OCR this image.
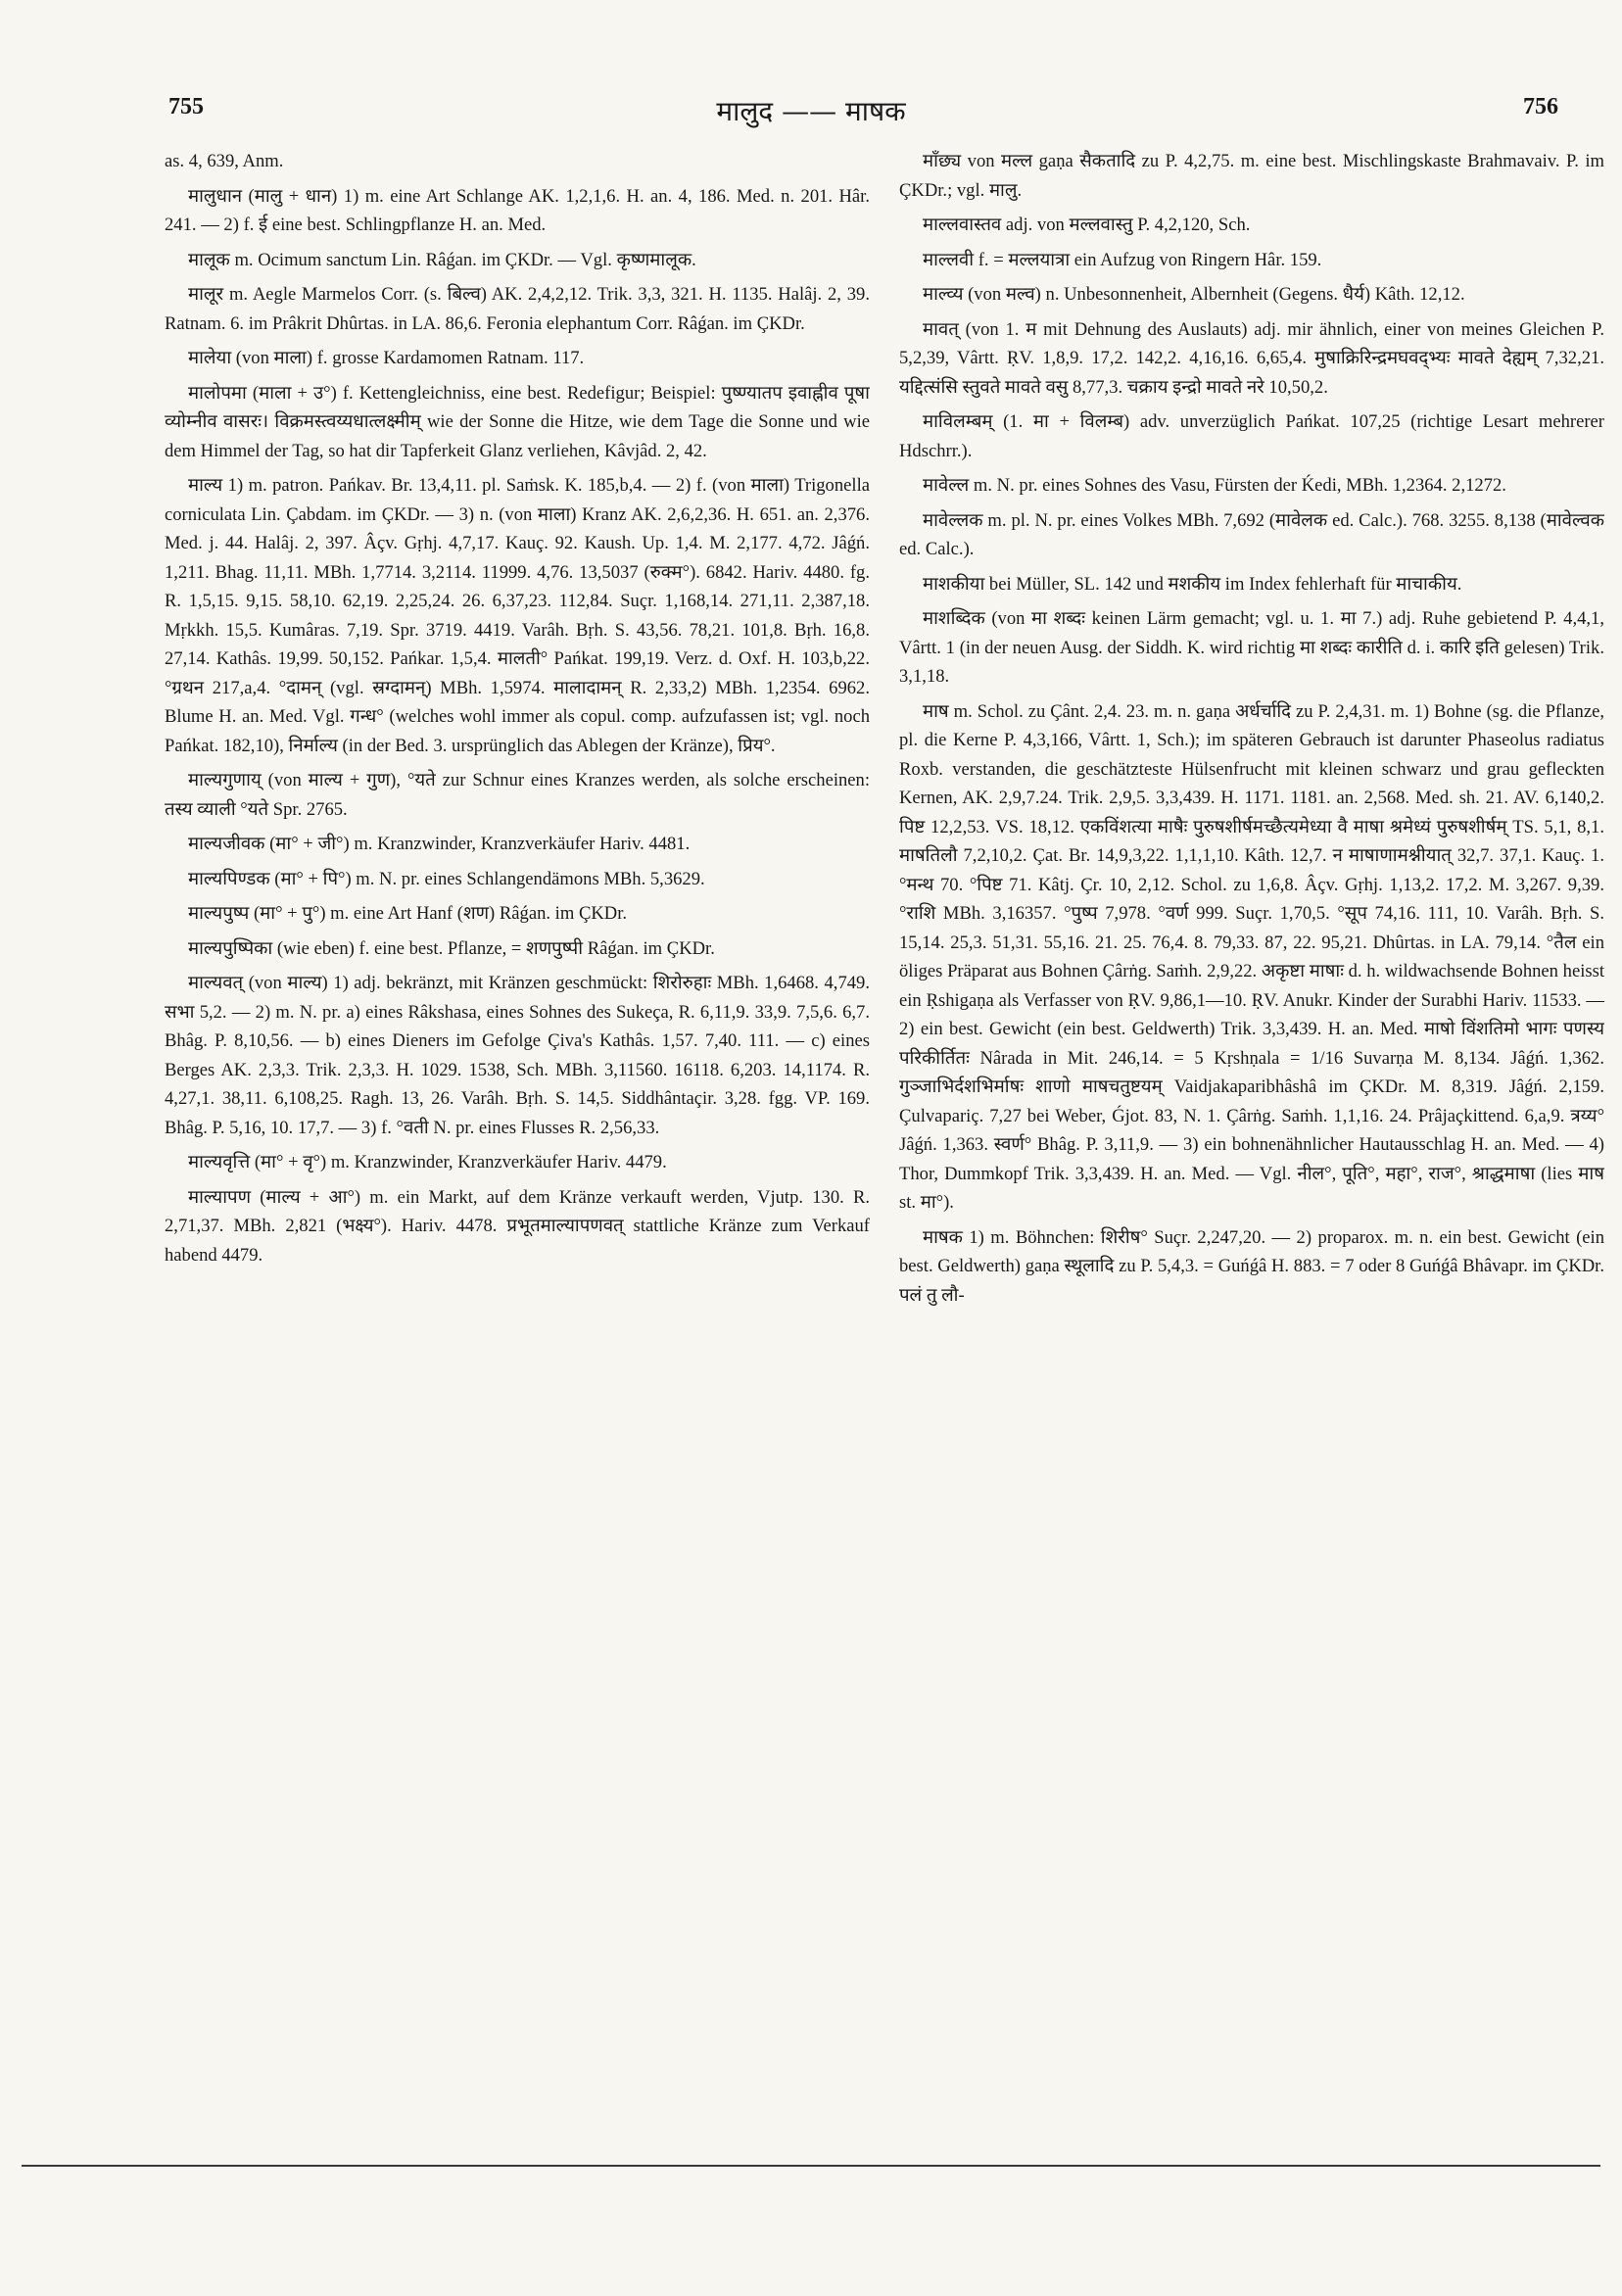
755	मालुद —— माषक	756

as. 4, 639, Anm.

मालुधान (मालु + धान) 1) m. eine Art Schlange AK. 1,2,1,6. H. an. 4, 186. Med. n. 201. Hâr. 241. — 2) f. ई eine best. Schlingpflanze H. an. Med.

मालूक m. Ocimum sanctum Lin. Râǵan. im ÇKDr. — Vgl. कृष्णमालूक.

मालूर m. Aegle Marmelos Corr. (s. बिल्व) AK. 2,4,2,12. Trik. 3,3, 321. H. 1135. Halâj. 2, 39. Ratnam. 6. im Prâkrit Dhûrtas. in LA. 86,6. Feronia elephantum Corr. Râǵan. im ÇKDr.

मालेया (von माला) f. grosse Kardamomen Ratnam. 117.

मालोपमा (माला + उ°) f. Kettengleichniss, eine best. Redefigur; Beispiel: पुष्ण्यातप इवाह्नीव पूषा व्योम्नीव वासरः। विक्रमस्त्वय्यधात्लक्ष्मीम् wie der Sonne die Hitze, wie dem Tage die Sonne und wie dem Himmel der Tag, so hat dir Tapferkeit Glanz verliehen, Kâvjâd. 2, 42.

माल्य 1) m. patron. Pańkav. Br. 13,4,11. pl. Saṁsk. K. 185,b,4. — 2) f. (von माला) Trigonella corniculata Lin. Çabdam. im ÇKDr. — 3) n. (von माला) Kranz AK. 2,6,2,36. H. 651. an. 2,376. Med. j. 44. Halâj. 2, 397. Âçv. Gṛhj. 4,7,17. Kauç. 92. Kaush. Up. 1,4. M. 2,177. 4,72. Jâǵń. 1,211. Bhag. 11,11. MBh. 1,7714. 3,2114. 11999. 4,76. 13,5037 (रुक्म°). 6842. Hariv. 4480. fg. R. 1,5,15. 9,15. 58,10. 62,19. 2,25,24. 26. 6,37,23. 112,84. Suçr. 1,168,14. 271,11. 2,387,18. Mṛkkh. 15,5. Kumâras. 7,19. Spr. 3719. 4419. Varâh. Bṛh. S. 43,56. 78,21. 101,8. Bṛh. 16,8. 27,14. Kathâs. 19,99. 50,152. Pańkar. 1,5,4. मालती° Pańkat. 199,19. Verz. d. Oxf. H. 103,b,22. °ग्रथन 217,a,4. °दामन् (vgl. स्रग्दामन्) MBh. 1,5974. मालादामन् R. 2,33,2) MBh. 1,2354. 6962. Blume H. an. Med. Vgl. गन्ध° (welches wohl immer als copul. comp. aufzufassen ist; vgl. noch Pańkat. 182,10), निर्माल्य (in der Bed. 3. ursprünglich das Ablegen der Kränze), प्रिय°.

माल्यगुणाय् (von माल्य + गुण), °यते zur Schnur eines Kranzes werden, als solche erscheinen: तस्य व्याली °यते Spr. 2765.

माल्यजीवक (मा° + जी°) m. Kranzwinder, Kranzverkäufer Hariv. 4481.

माल्यपिण्डक (मा° + पि°) m. N. pr. eines Schlangendämons MBh. 5,3629.

माल्यपुष्प (मा° + पु°) m. eine Art Hanf (शण) Râǵan. im ÇKDr.

माल्यपुष्पिका (wie eben) f. eine best. Pflanze, = शणपुष्पी Râǵan. im ÇKDr.

माल्यवत् (von माल्य) 1) adj. bekränzt, mit Kränzen geschmückt: शिरोरुहाः MBh. 1,6468. 4,749. सभा 5,2. — 2) m. N. pr. a) eines Râkshasa, eines Sohnes des Sukeça, R. 6,11,9. 33,9. 7,5,6. 6,7. Bhâg. P. 8,10,56. — b) eines Dieners im Gefolge Çiva's Kathâs. 1,57. 7,40. 111. — c) eines Berges AK. 2,3,3. Trik. 2,3,3. H. 1029. 1538, Sch. MBh. 3,11560. 16118. 6,203. 14,1174. R. 4,27,1. 38,11. 6,108,25. Ragh. 13, 26. Varâh. Bṛh. S. 14,5. Siddhântaçir. 3,28. fgg. VP. 169. Bhâg. P. 5,16, 10. 17,7. — 3) f. °वती N. pr. eines Flusses R. 2,56,33.

माल्यवृत्ति (मा° + वृ°) m. Kranzwinder, Kranzverkäufer Hariv. 4479.

माल्यापण (माल्य + आ°) m. ein Markt, auf dem Kränze verkauft werden, Vjutp. 130. R. 2,71,37. MBh. 2,821 (भक्ष्य°). Hariv. 4478. प्रभूतमाल्यापणवत् stattliche Kränze zum Verkauf habend 4479.

माँछ्य von मल्ल gaṇa सैकतादि zu P. 4,2,75. m. eine best. Mischlingskaste Brahmavaiv. P. im ÇKDr.; vgl. मालु.

माल्लवास्तव adj. von मल्लवास्तु P. 4,2,120, Sch.

माल्लवी f. = मल्लयात्रा ein Aufzug von Ringern Hâr. 159.

माल्व्य (von मल्व) n. Unbesonnenheit, Albernheit (Gegens. धैर्य) Kâth. 12,12.

मावत् (von 1. म mit Dehnung des Auslauts) adj. mir ähnlich, einer von meines Gleichen P. 5,2,39, Vârtt. ṚV. 1,8,9. 17,2. 142,2. 4,16,16. 6,65,4. मुषाक्रिरिन्द्रमघवद्भ्यः मावते देह्यम् 7,32,21. यद्दित्संसि स्तुवते मावते वसु 8,77,3. चक्राय इन्द्रो मावते नरे 10,50,2.

माविलम्बम् (1. मा + विलम्ब) adv. unverzüglich Pańkat. 107,25 (richtige Lesart mehrerer Hdschrr.).

मावेल्ल m. N. pr. eines Sohnes des Vasu, Fürsten der Ḱedi, MBh. 1,2364. 2,1272.

मावेल्लक m. pl. N. pr. eines Volkes MBh. 7,692 (मावेलक ed. Calc.). 768. 3255. 8,138 (मावेल्वक ed. Calc.).

माशकीया bei Müller, SL. 142 und मशकीय im Index fehlerhaft für माचाकीय.

माशब्दिक (von मा शब्दः keinen Lärm gemacht; vgl. u. 1. मा 7.) adj. Ruhe gebietend P. 4,4,1, Vârtt. 1 (in der neuen Ausg. der Siddh. K. wird richtig मा शब्दः कारीति d. i. कारि इति gelesen) Trik. 3,1,18.

माष m. Schol. zu Çânt. 2,4. 23. m. n. gaṇa अर्धर्चादि zu P. 2,4,31. m. 1) Bohne (sg. die Pflanze, pl. die Kerne P. 4,3,166, Vârtt. 1, Sch.); im späteren Gebrauch ist darunter Phaseolus radiatus Roxb. verstanden, die geschätzteste Hülsenfrucht mit kleinen schwarz und grau gefleckten Kernen, AK. 2,9,7.24. Trik. 2,9,5. 3,3,439. H. 1171. 1181. an. 2,568. Med. sh. 21. AV. 6,140,2. पिष्ट 12,2,53. VS. 18,12. एकविंशत्या माषैः पुरुषशीर्षमच्छैत्यमेध्या वै माषा श्रमेध्यं पुरुषशीर्षम् TS. 5,1, 8,1. माषतिलौ 7,2,10,2. Çat. Br. 14,9,3,22. 1,1,1,10. Kâth. 12,7. न माषाणामश्नीयात् 32,7. 37,1. Kauç. 1. °मन्थ 70. °पिष्ट 71. Kâtj. Çr. 10, 2,12. Schol. zu 1,6,8. Âçv. Gṛhj. 1,13,2. 17,2. M. 3,267. 9,39. °राशि MBh. 3,16357. °पुष्प 7,978. °वर्ण 999. Suçr. 1,70,5. °सूप 74,16. 111, 10. Varâh. Bṛh. S. 15,14. 25,3. 51,31. 55,16. 21. 25. 76,4. 8. 79,33. 87, 22. 95,21. Dhûrtas. in LA. 79,14. °तैल ein öliges Präparat aus Bohnen Çârṅg. Saṁh. 2,9,22. अकृष्टा माषाः d. h. wildwachsende Bohnen heisst ein Ṛshigaṇa als Verfasser von ṚV. 9,86,1—10. ṚV. Anukr. Kinder der Surabhi Hariv. 11533. — 2) ein best. Gewicht (ein best. Geldwerth) Trik. 3,3,439. H. an. Med. माषो विंशतिमो भागः पणस्य परिकीर्तितः Nârada in Mit. 246,14. = 5 Kṛshṇala = 1/16 Suvarṇa M. 8,134. Jâǵń. 1,362. गुञ्जाभिर्दशभिर्माषः शाणो माषचतुष्टयम् Vaidjakaparibhâshâ im ÇKDr. M. 8,319. Jâǵń. 2,159. Çulvapariç. 7,27 bei Weber, Ǵjot. 83, N. 1. Çârṅg. Saṁh. 1,1,16. 24. Prâjaçkittend. 6,a,9. त्रय्य° Jâǵń. 1,363. स्वर्ण° Bhâg. P. 3,11,9. — 3) ein bohnenähnlicher Hautausschlag H. an. Med. — 4) Thor, Dummkopf Trik. 3,3,439. H. an. Med. — Vgl. नील°, पूति°, महा°, राज°, श्राद्धमाषा (lies माष st. मा°).

माषक 1) m. Böhnchen: शिरीष° Suçr. 2,247,20. — 2) proparox. m. n. ein best. Gewicht (ein best. Geldwerth) gaṇa स्थूलादि zu P. 5,4,3. = Guńǵâ H. 883. = 7 oder 8 Guńǵâ Bhâvapr. im ÇKDr. पलं तु लौ-
